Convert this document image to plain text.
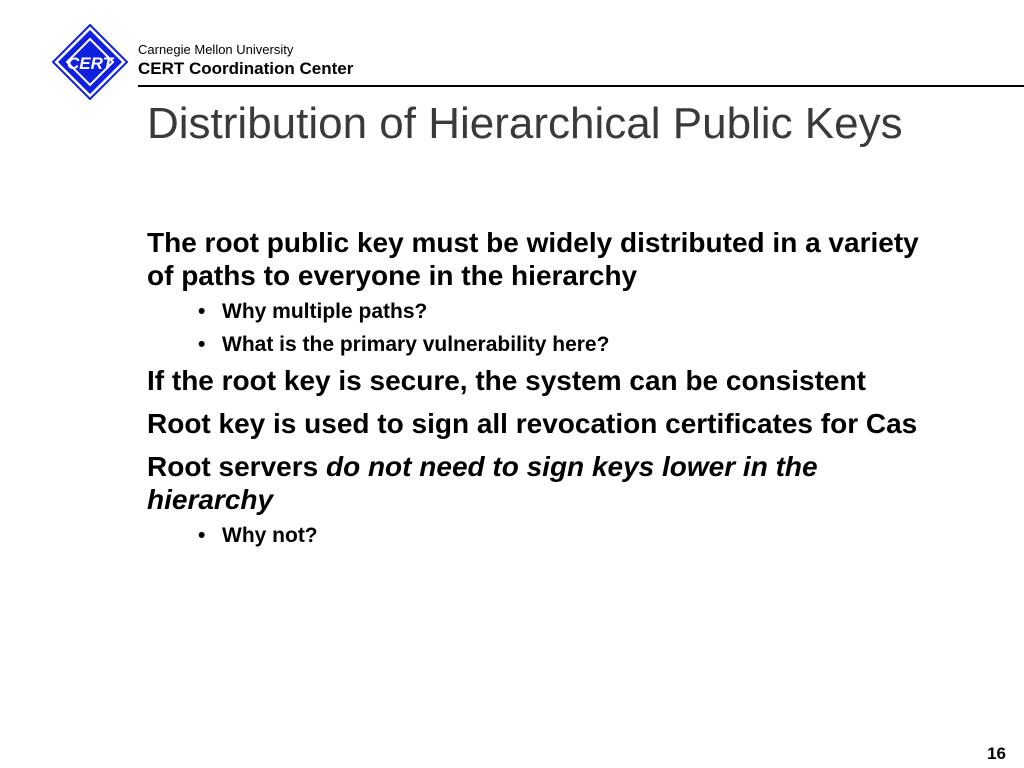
CERT
Carnegie Mellon University
CERT Coordination Center
Distribution of Hierarchical Public Keys

The root public key must be widely distributed in a variety of paths to everyone in the hierarchy

• Why multiple paths?
• What is the primary vulnerability here?

If the root key is secure, the system can be consistent

Root key is used to sign all revocation certificates for Cas

Root servers do not need to sign keys lower in the hierarchy

• Why not?
16
